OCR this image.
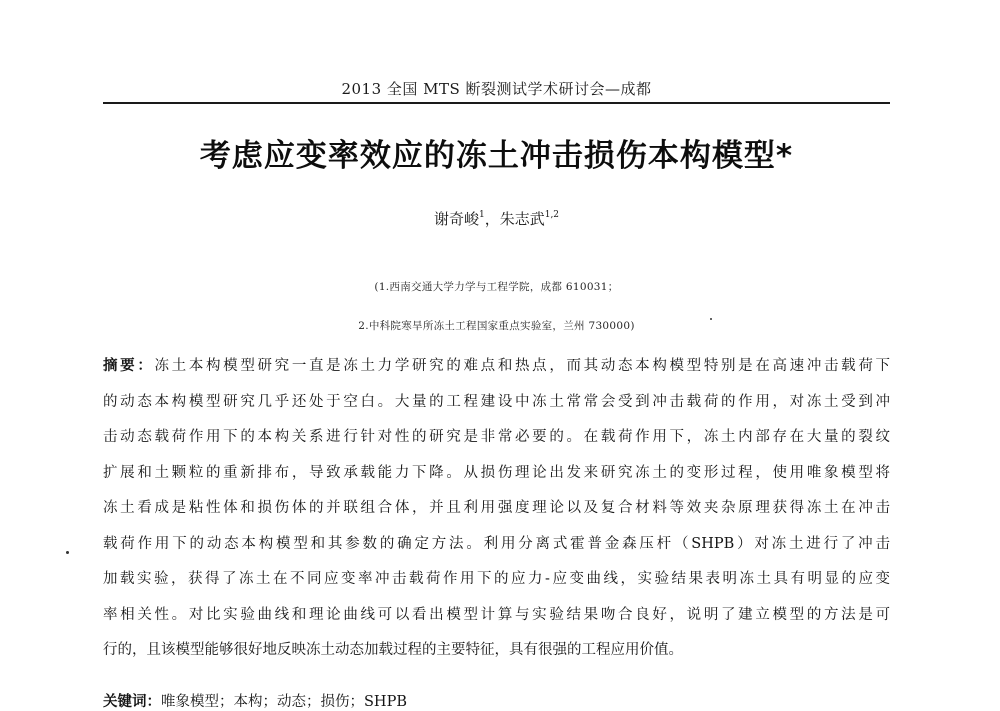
2013 全国 MTS 断裂测试学术研讨会—成都
考虑应变率效应的冻土冲击损伤本构模型*
谢奇峻$^1$，朱志武$^{1,2}$
(1.西南交通大学力学与工程学院，成都 610031；
2.中科院寒旱所冻土工程国家重点实验室，兰州 730000)
摘要：冻土本构模型研究一直是冻土力学研究的难点和热点，而其动态本构模型特别是在高速冲击载荷下
的动态本构模型研究几乎还处于空白。大量的工程建设中冻土常常会受到冲击载荷的作用，对冻土受到冲
击动态载荷作用下的本构关系进行针对性的研究是非常必要的。在载荷作用下，冻土内部存在大量的裂纹
扩展和土颗粒的重新排布，导致承载能力下降。从损伤理论出发来研究冻土的变形过程，使用唯象模型将
冻土看成是粘性体和损伤体的并联组合体，并且利用强度理论以及复合材料等效夹杂原理获得冻土在冲击
载荷作用下的动态本构模型和其参数的确定方法。利用分离式霍普金森压杆（SHPB）对冻土进行了冲击
加载实验，获得了冻土在不同应变率冲击载荷作用下的应力-应变曲线，实验结果表明冻土具有明显的应变
率相关性。对比实验曲线和理论曲线可以看出模型计算与实验结果吻合良好，说明了建立模型的方法是可
行的，且该模型能够很好地反映冻土动态加载过程的主要特征，具有很强的工程应用价值。
关键词：唯象模型；本构；动态；损伤；SHPB
